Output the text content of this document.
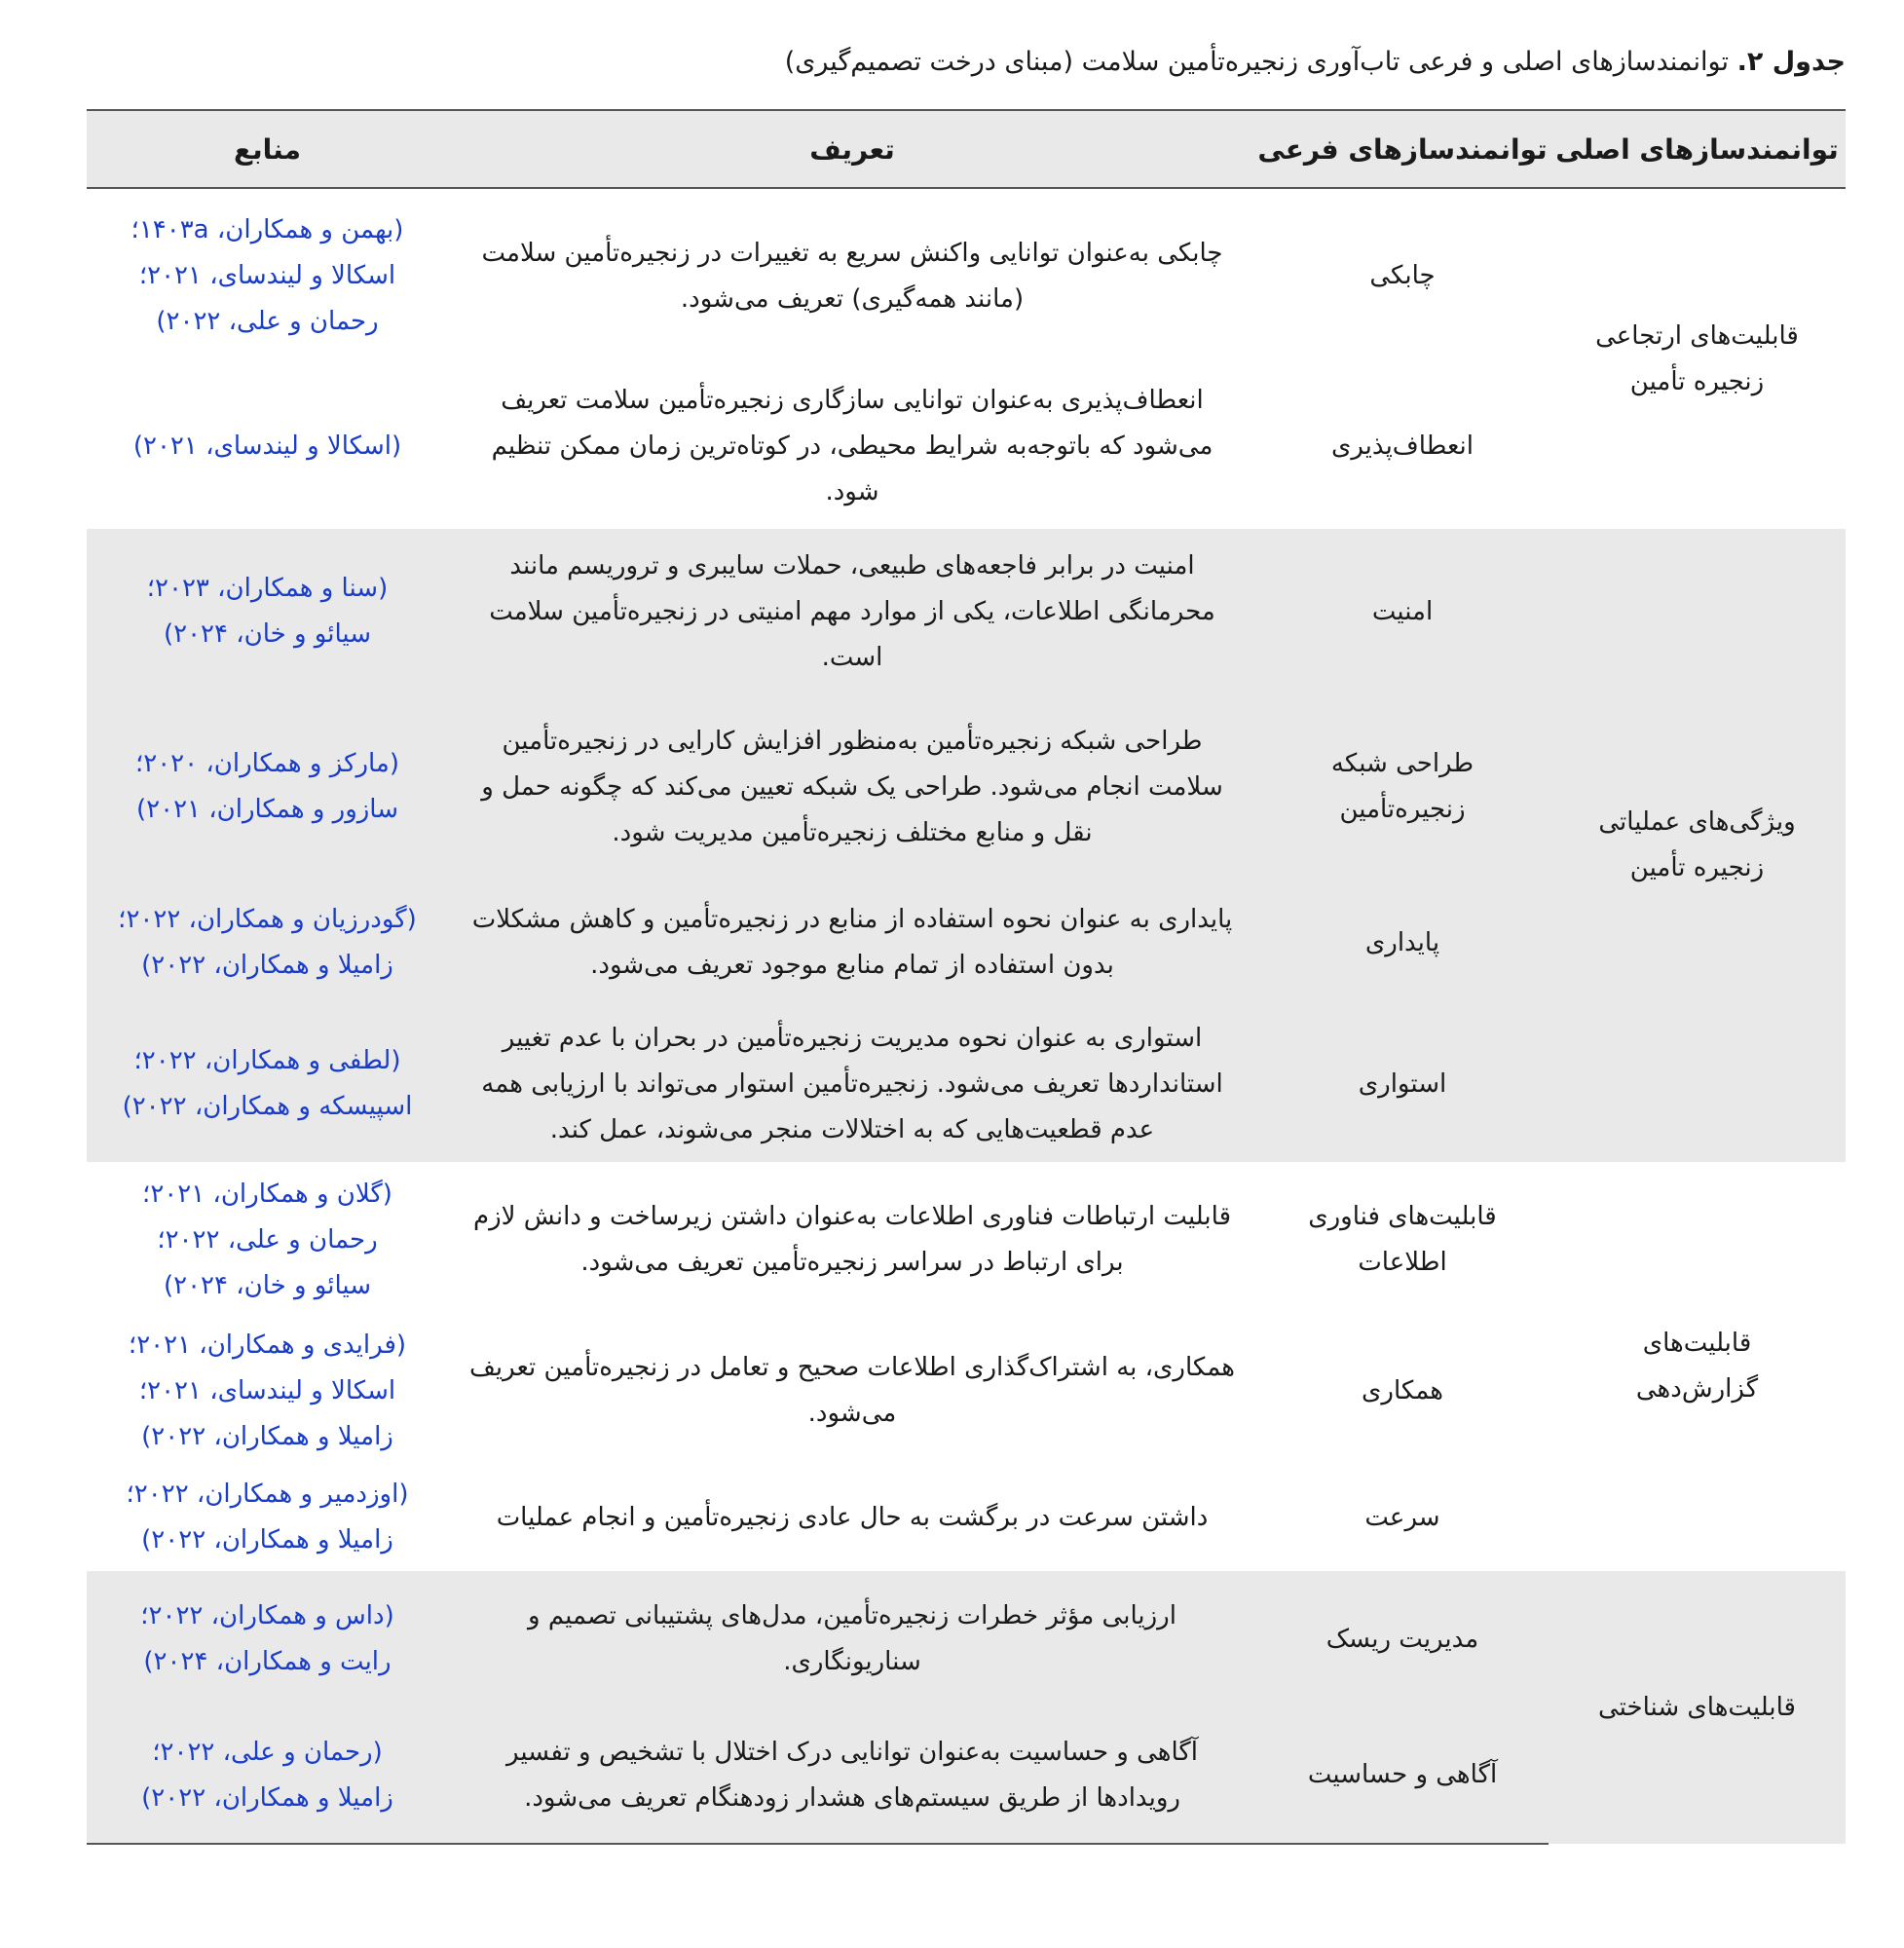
جدول ۲. توانمندسازهای اصلی و فرعی تاب‌آوری زنجیره‌تأمین سلامت (مبنای درخت تصمیم‌گیری)
توانمندسازهای اصلی	توانمندسازهای فرعی	تعریف	منابع
قابلیت‌های ارتجاعی زنجیره تأمین	چابکی	چابکی به‌عنوان توانایی واکنش سریع به تغییرات در زنجیره‌تأمین سلامت (مانند همه‌گیری) تعریف می‌شود.	(بهمن و همکاران، ۱۴۰۳a؛
اسکالا و لیندسای، ۲۰۲۱؛
رحمان و علی، ۲۰۲۲)

	انعطاف‌پذیری	انعطاف‌پذیری به‌عنوان توانایی سازگاری زنجیره‌تأمین سلامت تعریف می‌شود که باتوجه‌به شرایط محیطی، در کوتاه‌ترین زمان ممکن تنظیم شود.	(اسکالا و لیندسای، ۲۰۲۱)

ویژگی‌های عملیاتی زنجیره تأمین	امنیت	امنیت در برابر فاجعه‌های طبیعی، حملات سایبری و تروریسم مانند محرمانگی اطلاعات، یکی از موارد مهم امنیتی در زنجیره‌تأمین سلامت است.	(سنا و همکاران، ۲۰۲۳؛
سیائو و خان، ۲۰۲۴)

	طراحی شبکه زنجیره‌تأمین	طراحی شبکه زنجیره‌تأمین به‌منظور افزایش کارایی در زنجیره‌تأمین سلامت انجام می‌شود. طراحی یک شبکه تعیین می‌کند که چگونه حمل و نقل و منابع مختلف زنجیره‌تأمین مدیریت شود.	(مارکز و همکاران، ۲۰۲۰؛
سازور و همکاران، ۲۰۲۱)

	پایداری	پایداری به عنوان نحوه استفاده از منابع در زنجیره‌تأمین و کاهش مشکلات بدون استفاده از تمام منابع موجود تعریف می‌شود.	(گودرزیان و همکاران، ۲۰۲۲؛
زامیلا و همکاران، ۲۰۲۲)

	استواری	استواری به عنوان نحوه مدیریت زنجیره‌تأمین در بحران با عدم تغییر استانداردها تعریف می‌شود. زنجیره‌تأمین استوار می‌تواند با ارزیابی همه عدم قطعیت‌هایی که به اختلالات منجر می‌شوند، عمل کند.	(لطفی و همکاران، ۲۰۲۲؛
اسپیسکه و همکاران، ۲۰۲۲)

قابلیت‌های گزارش‌دهی	قابلیت‌های فناوری اطلاعات	قابلیت ارتباطات فناوری اطلاعات به‌عنوان داشتن زیرساخت و دانش لازم برای ارتباط در سراسر زنجیره‌تأمین تعریف می‌شود.	(گلان و همکاران، ۲۰۲۱؛
رحمان و علی، ۲۰۲۲؛
سیائو و خان، ۲۰۲۴)

	همکاری	همکاری، به اشتراک‌گذاری اطلاعات صحیح و تعامل در زنجیره‌تأمین تعریف می‌شود.	(فرایدی و همکاران، ۲۰۲۱؛
اسکالا و لیندسای، ۲۰۲۱؛
زامیلا و همکاران، ۲۰۲۲)

	سرعت	داشتن سرعت در برگشت به حال عادی زنجیره‌تأمین و انجام عملیات	(اوزدمیر و همکاران، ۲۰۲۲؛
زامیلا و همکاران، ۲۰۲۲)

قابلیت‌های شناختی	مدیریت ریسک	ارزیابی مؤثر خطرات زنجیره‌تأمین، مدل‌های پشتیبانی تصمیم و سناریونگاری.	(داس و همکاران، ۲۰۲۲؛
رایت و همکاران، ۲۰۲۴)

	آگاهی و حساسیت	آگاهی و حساسیت به‌عنوان توانایی درک اختلال با تشخیص و تفسیر رویدادها از طریق سیستم‌های هشدار زودهنگام تعریف می‌شود.	(رحمان و علی، ۲۰۲۲؛
زامیلا و همکاران، ۲۰۲۲)
